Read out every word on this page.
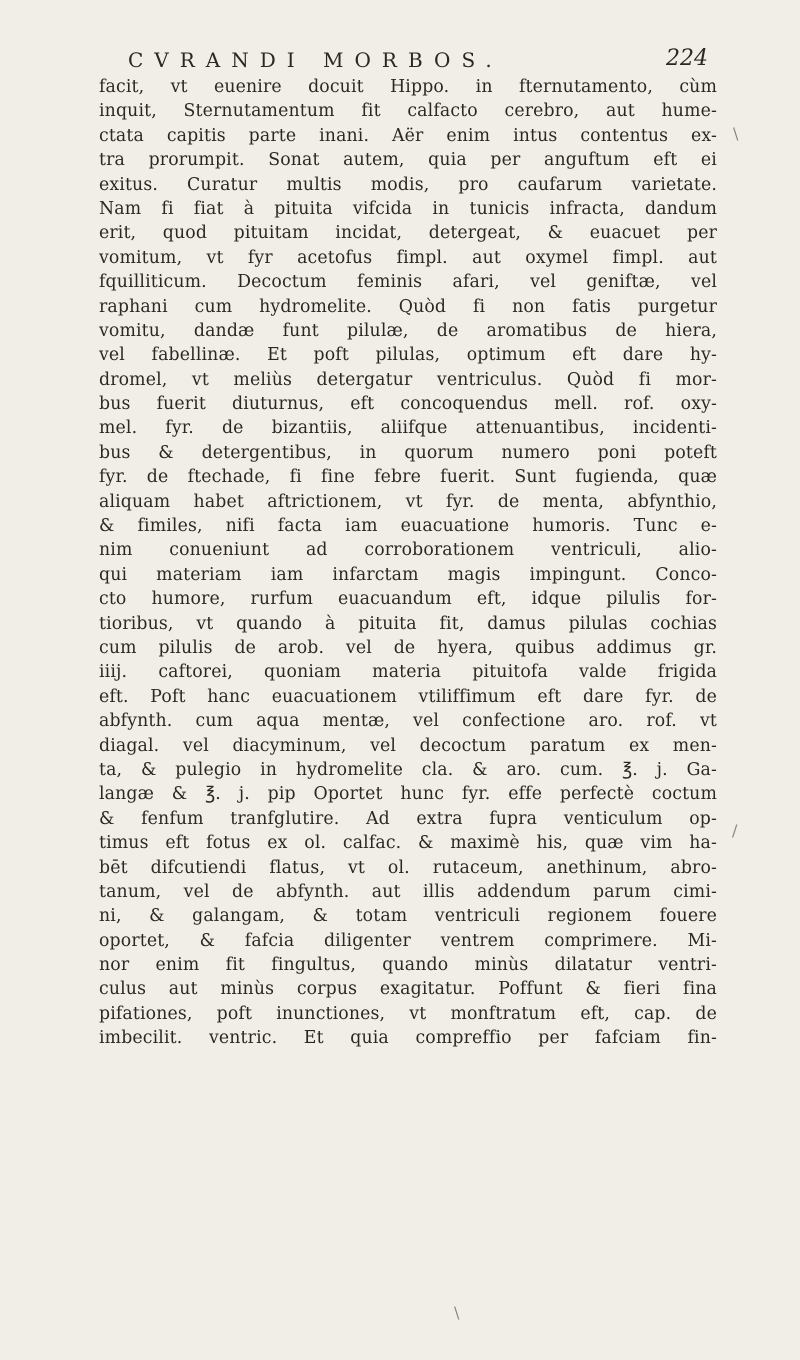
CVRANDI MORBOS.	224
facit, vt euenire docuit Hippo. in fternutamento, cùm
inquit, Sternutamentum fit calfacto cerebro, aut hume-
ctata capitis parte inani. Aër enim intus contentus ex-
tra prorumpit. Sonat autem, quia per anguftum eft ei
exitus. Curatur multis modis, pro caufarum varietate.
Nam fi fiat à pituita vifcida in tunicis infracta, dandum
erit, quod pituitam incidat, detergeat, & euacuet per
vomitum, vt fyr acetofus fimpl. aut oxymel fimpl. aut
fquilliticum. Decoctum feminis afari, vel geniftæ, vel
raphani cum hydromelite. Quòd fi non fatis purgetur
vomitu, dandæ funt pilulæ, de aromatibus de hiera,
vel fabellinæ. Et poft pilulas, optimum eft dare hy-
dromel, vt meliùs detergatur ventriculus. Quòd fi mor-
bus fuerit diuturnus, eft concoquendus mell. rof. oxy-
mel. fyr. de bizantiis, aliifque attenuantibus, incidenti-
bus & detergentibus, in quorum numero poni poteft
fyr. de ftechade, fi fine febre fuerit. Sunt fugienda, quæ
aliquam habet aftrictionem, vt fyr. de menta, abfynthio,
& fimiles, nifi facta iam euacuatione humoris. Tunc e-
nim conueniunt ad corroborationem ventriculi, alio-
qui materiam iam infarctam magis impingunt. Conco-
cto humore, rurfum euacuandum eft, idque pilulis for-
tioribus, vt quando à pituita fit, damus pilulas cochias
cum pilulis de arob. vel de hyera, quibus addimus gr.
iiij. caftorei, quoniam materia pituitofa valde frigida
eft. Poft hanc euacuationem vtiliffimum eft dare fyr. de
abfynth. cum aqua mentæ, vel confectione aro. rof. vt
diagal. vel diacyminum, vel decoctum paratum ex men-
ta, & pulegio in hydromelite cla. & aro. cum. ℥. j. Ga-
langæ & ℥. j. pip Oportet hunc fyr. effe perfectè coctum
& fenfum tranfglutire. Ad extra fupra venticulum op-
timus eft fotus ex ol. calfac. & maximè his, quæ vim ha-
bēt difcutiendi flatus, vt ol. rutaceum, anethinum, abro-
tanum, vel de abfynth. aut illis addendum parum cimi-
ni, & galangam, & totam ventriculi regionem fouere
oportet, & fafcia diligenter ventrem comprimere. Mi-
nor enim fit fingultus, quando minùs dilatatur ventri-
culus aut minùs corpus exagitatur. Poffunt & fieri fina
pifationes, poft inunctiones, vt monftratum eft, cap. de
imbecilit. ventric. Et quia compreffio per fafciam fin-
\
/
\
